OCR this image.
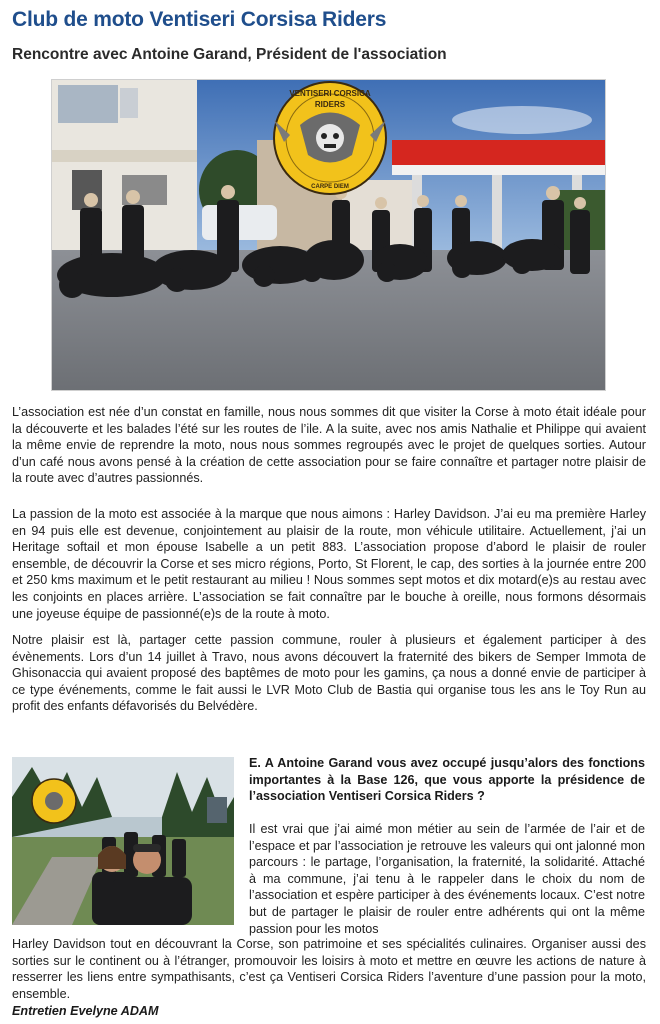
Club de moto Ventiseri Corsisa Riders
Rencontre avec Antoine Garand, Président de l'association
VENTISERI CORSICA
RIDERS
CARPE DIEM

L’association est née d’un constat en famille, nous nous sommes dit que visiter la Corse à moto était idéale pour la découverte et les balades l’été sur les routes de l’ile. A la suite, avec nos amis Nathalie et Philippe qui avaient la même envie de reprendre la moto, nous nous sommes regroupés avec le projet de quelques sorties. Autour d’un café nous avons pensé à la création de cette association pour se faire connaître et partager notre plaisir de la route avec d’autres passionnés.

La passion de la moto est associée à la marque que nous aimons : Harley Davidson. J’ai eu ma première Harley en 94 puis elle est devenue, conjointement au plaisir de la route, mon véhicule utilitaire. Actuellement, j’ai un Heritage softail et mon épouse Isabelle a un petit 883. L’association propose d’abord le plaisir de rouler ensemble, de découvrir la Corse et ses micro régions, Porto, St Florent, le cap, des sorties à la journée entre 200 et 250 kms maximum et le petit restaurant au milieu ! Nous sommes sept motos et dix motard(e)s au restau avec les conjoints en places arrière. L’association se fait connaître par le bouche à oreille, nous formons désormais une joyeuse équipe de passionné(e)s de la route à moto.

Notre plaisir est là, partager cette passion commune, rouler à plusieurs et également participer à des évènements. Lors d’un 14 juillet à Travo, nous avons découvert la fraternité des bikers de Semper Immota de Ghisonaccia qui avaient proposé des baptêmes de moto pour les gamins, ça nous a donné envie de participer à ce type événements, comme le fait aussi le LVR Moto Club de Bastia qui organise tous les ans le Toy Run au profit des enfants défavorisés du Belvédère.

E. A Antoine Garand vous avez occupé jusqu’alors des fonctions importantes à la Base 126, que vous apporte la présidence de l’association Ventiseri Corsica Riders ?

Il est vrai que j’ai aimé mon métier au sein de l’armée de l’air et de l’espace et par l’association je retrouve les valeurs qui ont jalonné mon parcours : le partage, l’organisation, la fraternité, la solidarité. Attaché à ma commune, j’ai tenu à le rappeler dans le choix du nom de l’association et espère participer à des événements locaux. C’est notre but de partager le plaisir de rouler entre adhérents qui ont la même passion pour les motos

Harley Davidson tout en découvrant la Corse, son patrimoine et ses spécialités culinaires. Organiser aussi des sorties sur le continent ou à l’étranger, promouvoir les loisirs à moto et mettre en œuvre les actions de nature à resserrer les liens entre sympathisants, c’est ça Ventiseri Corsica Riders l’aventure d’une passion pour la moto, ensemble.

Entretien Evelyne ADAM
